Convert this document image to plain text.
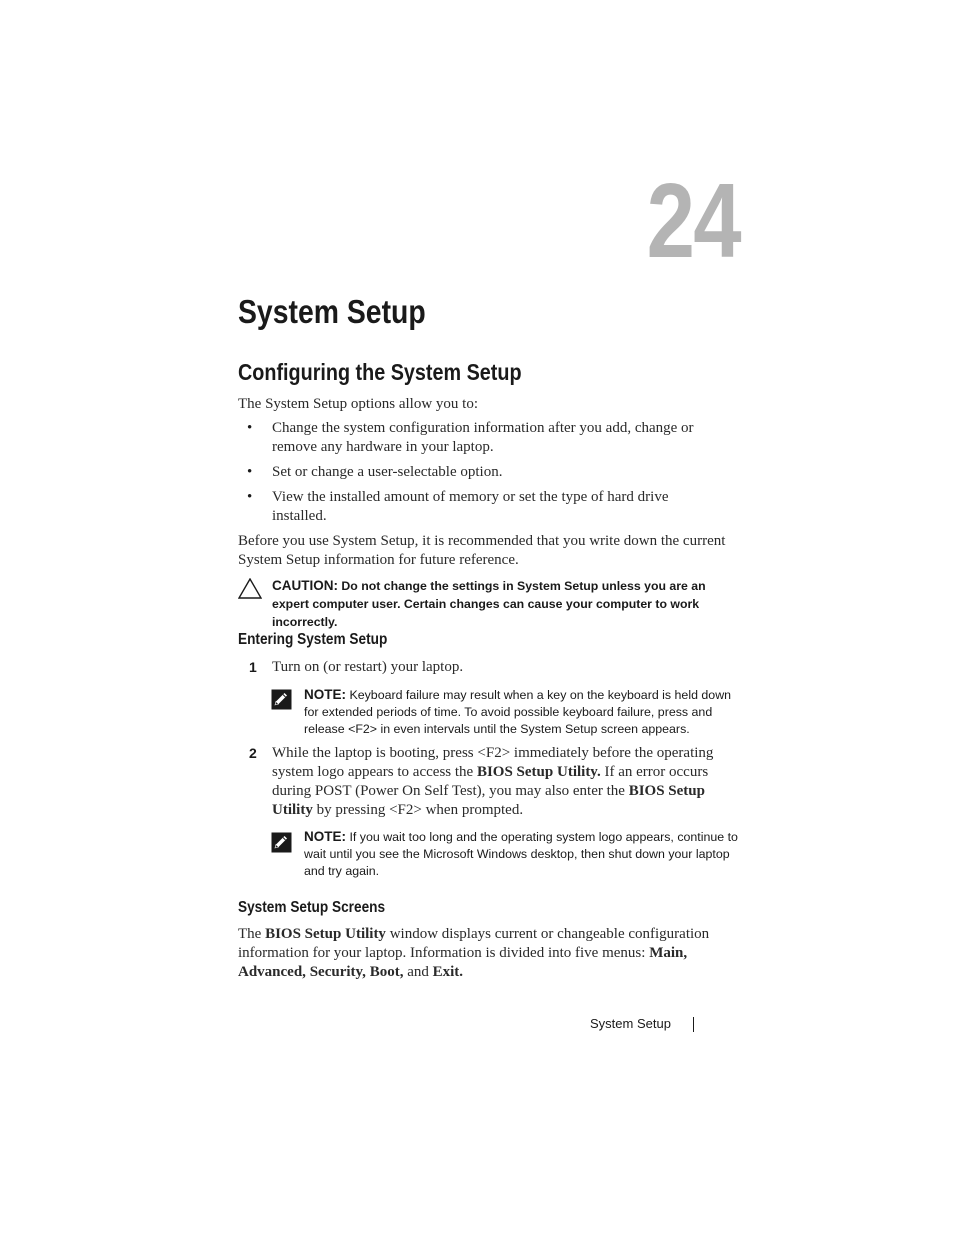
24
System Setup
Configuring the System Setup
The System Setup options allow you to:
• Change the system configuration information after you add, change or remove any hardware in your laptop.
• Set or change a user-selectable option.
• View the installed amount of memory or set the type of hard drive installed.
Before you use System Setup, it is recommended that you write down the current System Setup information for future reference.
CAUTION: Do not change the settings in System Setup unless you are an expert computer user. Certain changes can cause your computer to work incorrectly.
Entering System Setup
1 Turn on (or restart) your laptop.
NOTE: Keyboard failure may result when a key on the keyboard is held down for extended periods of time. To avoid possible keyboard failure, press and release <F2> in even intervals until the System Setup screen appears.
2 While the laptop is booting, press <F2> immediately before the operating system logo appears to access the BIOS Setup Utility. If an error occurs during POST (Power On Self Test), you may also enter the BIOS Setup Utility by pressing <F2> when prompted.
NOTE: If you wait too long and the operating system logo appears, continue to wait until you see the Microsoft Windows desktop, then shut down your laptop and try again.
System Setup Screens
The BIOS Setup Utility window displays current or changeable configuration information for your laptop. Information is divided into five menus: Main, Advanced, Security, Boot, and Exit.
System Setup
